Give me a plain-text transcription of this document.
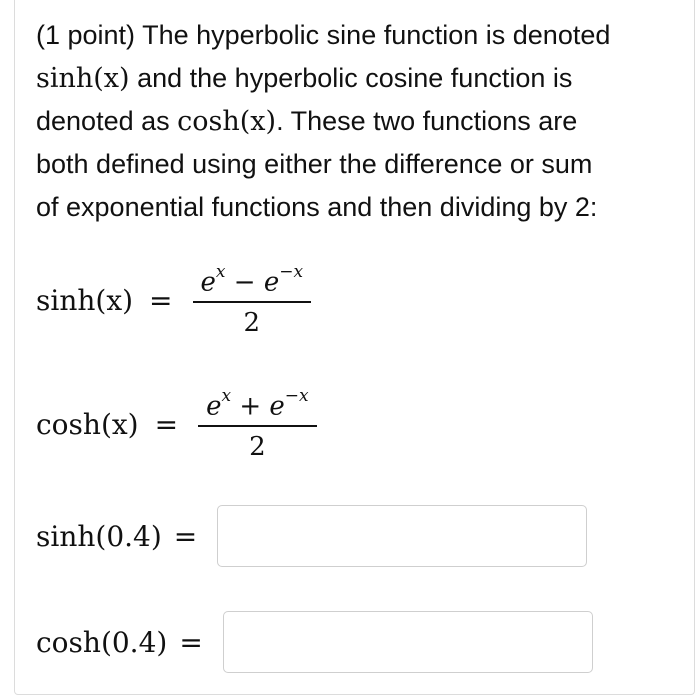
(1 point) The hyperbolic sine function is denoted
sinh(x) and the hyperbolic cosine function is
denoted as cosh(x). These two functions are
both defined using either the difference or sum
of exponential functions and then dividing by 2:
$\sinh(x) = \frac{e^x - e^{-x}}{2}$
$\cosh(x) = \frac{e^x + e^{-x}}{2}$
sinh(0.4) =
cosh(0.4) =
